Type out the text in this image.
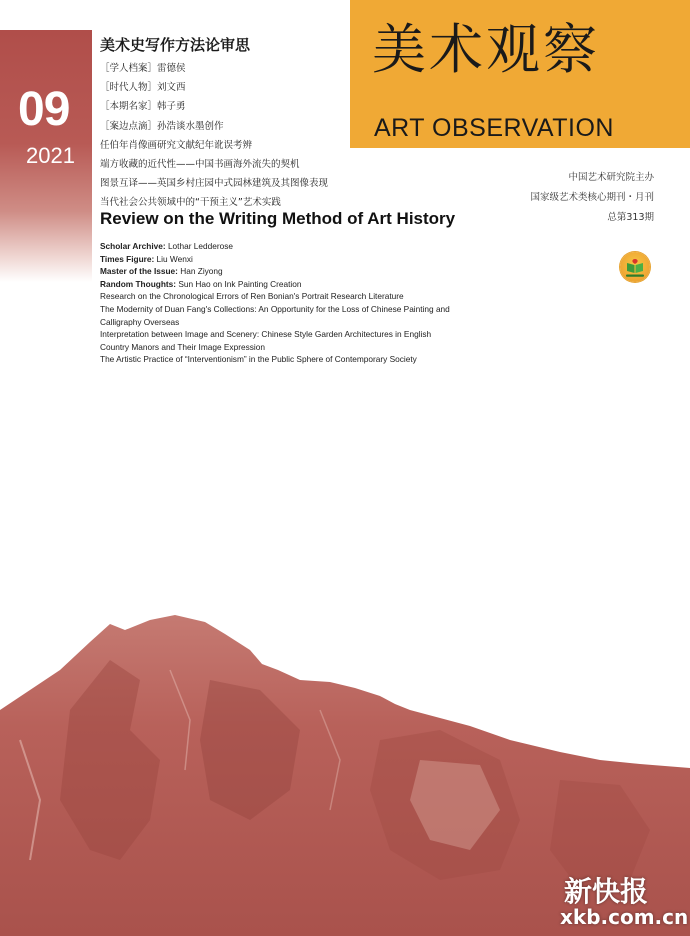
09
2021
美术史写作方法论审思
［学人档案］雷德侯
［时代人物］刘文西
［本期名家］韩子勇
［案边点滴］孙浩谈水墨创作
任伯年肖像画研究文献纪年讹误考辨
端方收藏的近代性——中国书画海外流失的契机
图景互译——英国乡村庄园中式园林建筑及其图像表现
当代社会公共领域中的“干预主义”艺术实践
美术观察
ART OBSERVATION
中国艺术研究院主办
国家级艺术类核心期刊・月刊
总第313期
Review on the Writing Method of Art History
Scholar Archive: Lothar Ledderose
Times Figure: Liu Wenxi
Master of the Issue: Han Ziyong
Random Thoughts: Sun Hao on Ink Painting Creation
Research on the Chronological Errors of Ren Bonian's Portrait Research Literature
The Modernity of Duan Fang's Collections: An Opportunity for the Loss of Chinese Painting and Calligraphy Overseas
Interpretation between Image and Scenery: Chinese Style Garden Architectures in English Country Manors and Their Image Expression
The Artistic Practice of “Interventionism” in the Public Sphere of Contemporary Society
新快报
xkb.com.cn
